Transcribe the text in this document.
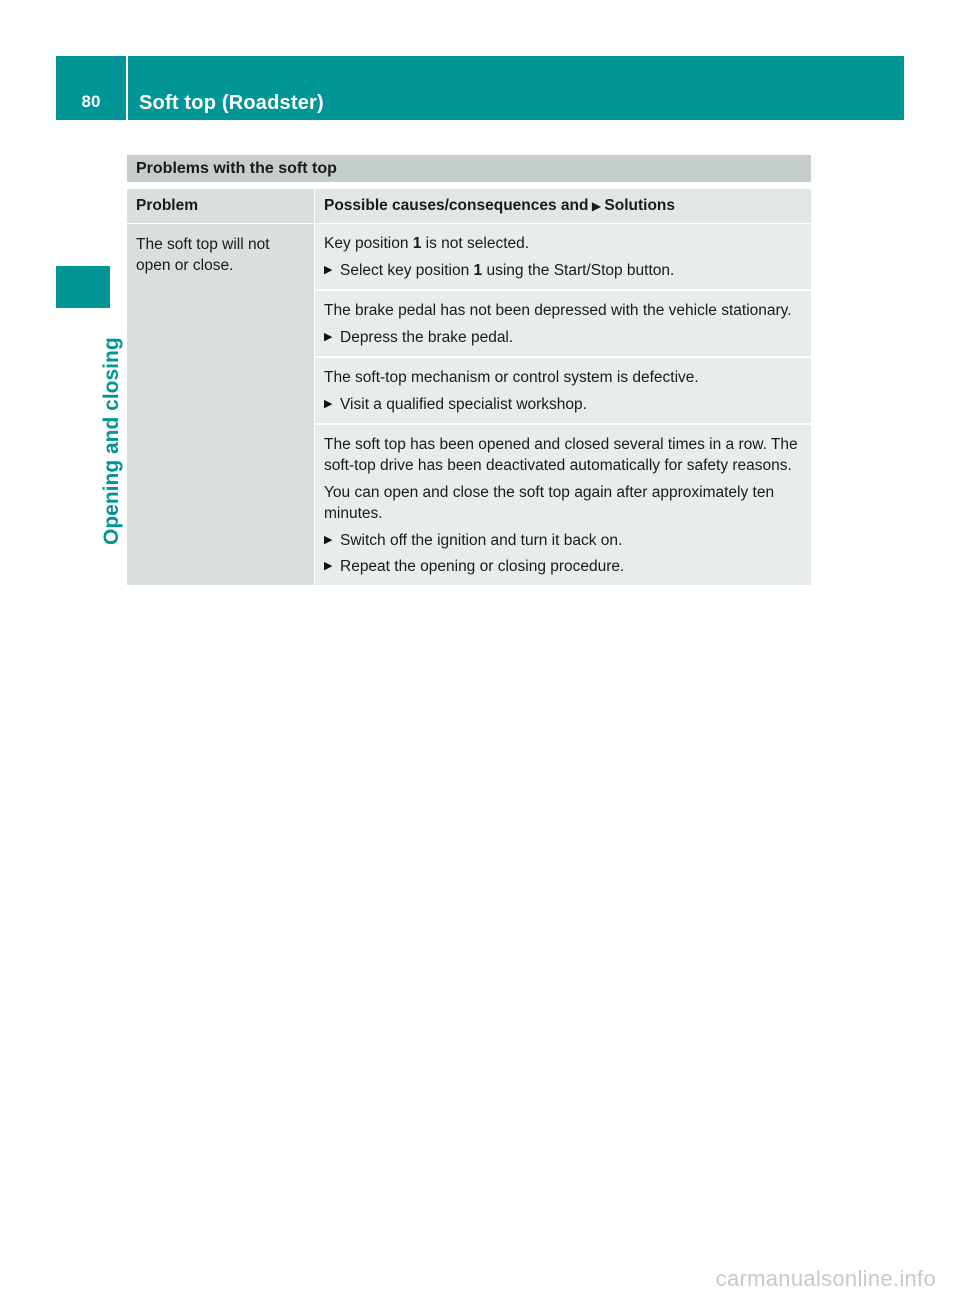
80	Soft top (Roadster)
Opening and closing
Problems with the soft top
Problem	Possible causes/consequences and ▶ Solutions
The soft top will not open or close.

Key position 1 is not selected.

▶ Select key position 1 using the Start/Stop button.

The brake pedal has not been depressed with the vehicle stationary.

▶ Depress the brake pedal.

The soft-top mechanism or control system is defective.

▶ Visit a qualified specialist workshop.

The soft top has been opened and closed several times in a row. The soft-top drive has been deactivated automatically for safety reasons.

You can open and close the soft top again after approximately ten minutes.

▶ Switch off the ignition and turn it back on.
▶ Repeat the opening or closing procedure.
carmanualsonline.info
